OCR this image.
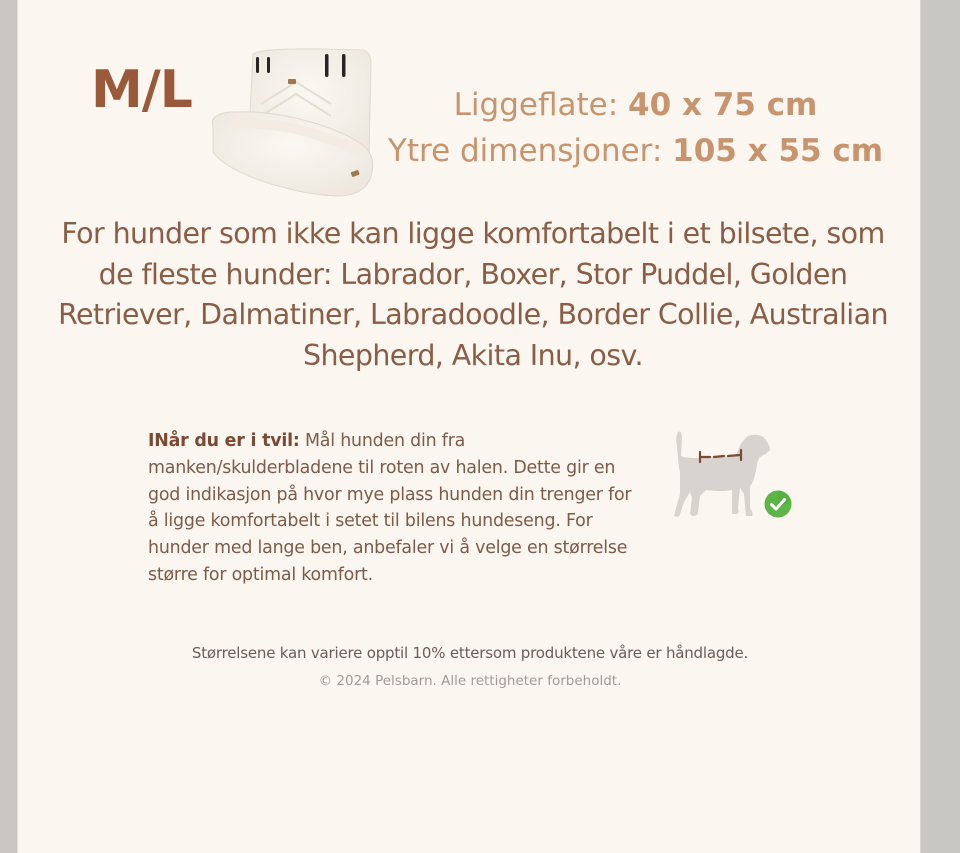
M/L	Liggeflate: 40 x 75 cm
Ytre dimensjoner: 105 x 55 cm
For hunder som ikke kan ligge komfortabelt i et bilsete, som de fleste hunder: Labrador, Boxer, Stor Puddel, Golden Retriever, Dalmatiner, Labradoodle, Border Collie, Australian Shepherd, Akita Inu, osv.
INår du er i tvil: Mål hunden din fra manken/skulderbladene til roten av halen. Dette gir en god indikasjon på hvor mye plass hunden din trenger for å ligge komfortabelt i setet til bilens hundeseng. For hunder med lange ben, anbefaler vi å velge en størrelse større for optimal komfort.
Størrelsene kan variere opptil 10% ettersom produktene våre er håndlagde.
© 2024 Pelsbarn. Alle rettigheter forbeholdt.
